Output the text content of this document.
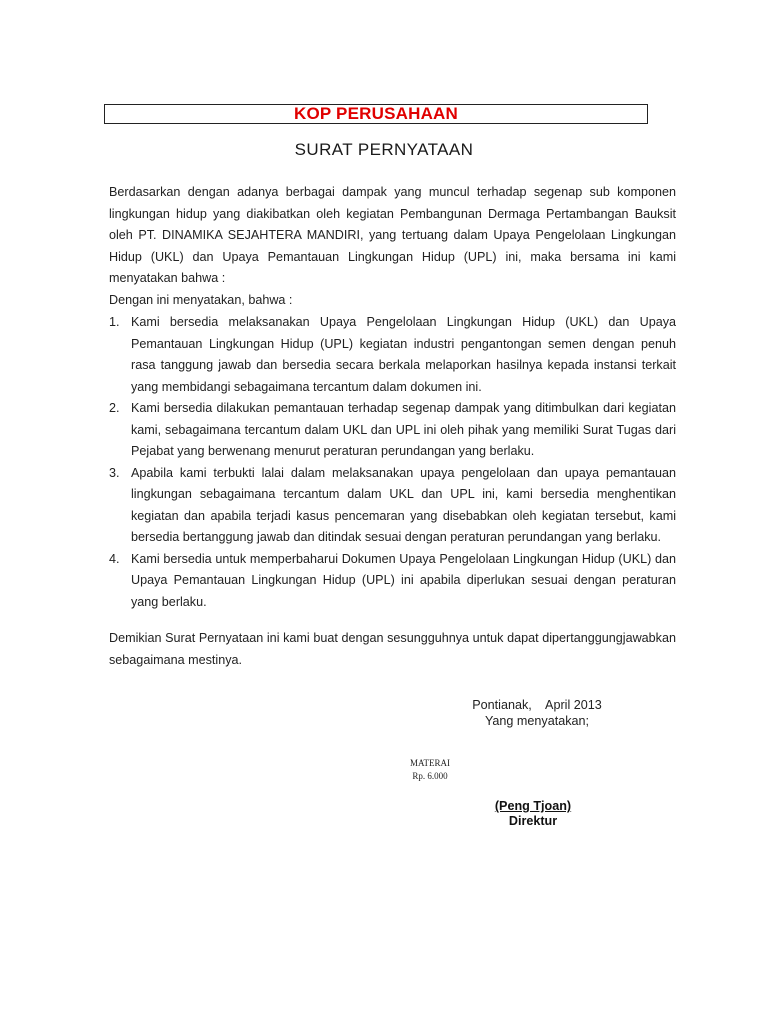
KOP PERUSAHAAN
SURAT PERNYATAAN
Berdasarkan dengan adanya berbagai dampak yang muncul terhadap segenap sub komponen lingkungan hidup yang diakibatkan oleh kegiatan Pembangunan Dermaga Pertambangan Bauksit oleh PT. DINAMIKA SEJAHTERA MANDIRI, yang tertuang dalam Upaya Pengelolaan Lingkungan Hidup (UKL) dan Upaya Pemantauan Lingkungan Hidup (UPL) ini, maka bersama ini kami menyatakan bahwa :
Dengan ini menyatakan, bahwa :
1. Kami bersedia melaksanakan Upaya Pengelolaan Lingkungan Hidup (UKL) dan Upaya Pemantauan Lingkungan Hidup (UPL) kegiatan industri pengantongan semen dengan penuh rasa tanggung jawab dan bersedia secara berkala melaporkan hasilnya kepada instansi terkait yang membidangi sebagaimana tercantum dalam dokumen ini.
2. Kami bersedia dilakukan pemantauan terhadap segenap dampak yang ditimbulkan dari kegiatan kami, sebagaimana tercantum dalam UKL dan UPL ini oleh pihak yang memiliki Surat Tugas dari Pejabat yang berwenang menurut peraturan perundangan yang berlaku.
3. Apabila kami terbukti lalai dalam melaksanakan upaya pengelolaan dan upaya pemantauan lingkungan sebagaimana tercantum dalam UKL dan UPL ini, kami bersedia menghentikan kegiatan dan apabila terjadi kasus pencemaran yang disebabkan oleh kegiatan tersebut, kami bersedia bertanggung jawab dan ditindak sesuai dengan peraturan perundangan yang berlaku.
4. Kami bersedia untuk memperbaharui Dokumen Upaya Pengelolaan Lingkungan Hidup (UKL) dan Upaya Pemantauan Lingkungan Hidup (UPL) ini apabila diperlukan sesuai dengan peraturan yang berlaku.
Demikian Surat Pernyataan ini kami buat dengan sesungguhnya untuk dapat dipertanggungjawabkan sebagaimana mestinya.
Pontianak,    April 2013
Yang menyatakan;
MATERAI
Rp. 6.000
(Peng Tjoan)
Direktur
